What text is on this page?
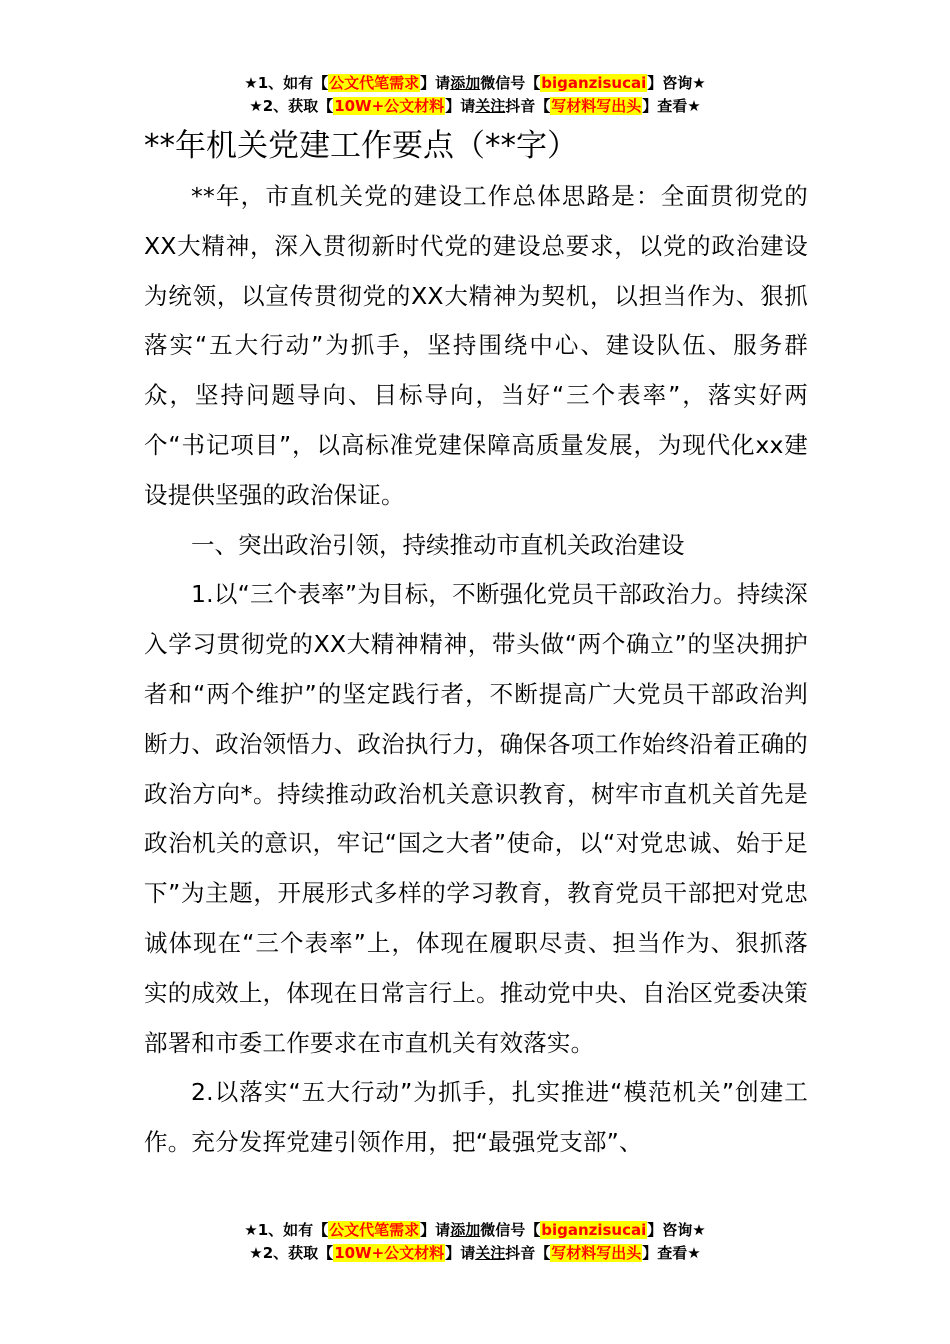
★1、如有【公文代笔需求】请添加微信号【biganzisucai】咨询★
★2、获取【10W+公文材料】请关注抖音【写材料写出头】查看★
**年机关党建工作要点（**字）

**年，市直机关党的建设工作总体思路是：全面贯彻党的XX大精神，深入贯彻新时代党的建设总要求，以党的政治建设为统领，以宣传贯彻党的XX大精神为契机，以担当作为、狠抓落实“五大行动”为抓手，坚持围绕中心、建设队伍、服务群众，坚持问题导向、目标导向，当好“三个表率”，落实好两个“书记项目”，以高标准党建保障高质量发展，为现代化xx建设提供坚强的政治保证。

一、突出政治引领，持续推动市直机关政治建设

1.以“三个表率”为目标，不断强化党员干部政治力。持续深入学习贯彻党的XX大精神精神，带头做“两个确立”的坚决拥护者和“两个维护”的坚定践行者，不断提高广大党员干部政治判断力、政治领悟力、政治执行力，确保各项工作始终沿着正确的政治方向*。持续推动政治机关意识教育，树牢市直机关首先是政治机关的意识，牢记“国之大者”使命，以“对党忠诚、始于足下”为主题，开展形式多样的学习教育，教育党员干部把对党忠诚体现在“三个表率”上，体现在履职尽责、担当作为、狠抓落实的成效上，体现在日常言行上。推动党中央、自治区党委决策部署和市委工作要求在市直机关有效落实。

2.以落实“五大行动”为抓手，扎实推进“模范机关”创建工作。充分发挥党建引领作用，把“最强党支部”、

★1、如有【公文代笔需求】请添加微信号【biganzisucai】咨询★
★2、获取【10W+公文材料】请关注抖音【写材料写出头】查看★
